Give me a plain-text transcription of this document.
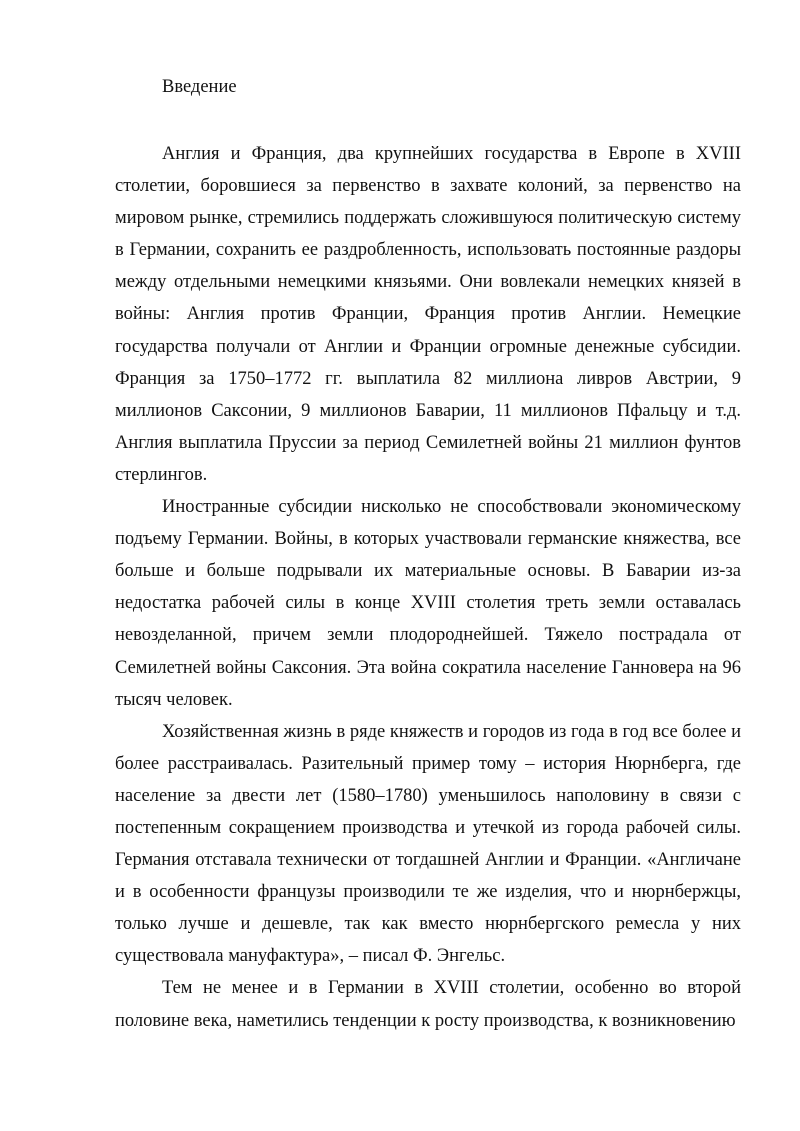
Введение

Англия и Франция, два крупнейших государства в Европе в XVIII столетии, боровшиеся за первенство в захвате колоний, за первенство на мировом рынке, стремились поддержать сложившуюся политическую систему в Германии, сохранить ее раздробленность, использовать постоянные раздоры между отдельными немецкими князьями. Они вовлекали немецких князей в войны: Англия против Франции, Франция против Англии. Немецкие государства получали от Англии и Франции огромные денежные субсидии. Франция за 1750–1772 гг. выплатила 82 миллиона ливров Австрии, 9 миллионов Саксонии, 9 миллионов Баварии, 11 миллионов Пфальцу и т.д. Англия выплатила Пруссии за период Семилетней войны 21 миллион фунтов стерлингов.

Иностранные субсидии нисколько не способствовали экономическому подъему Германии. Войны, в которых участвовали германские княжества, все больше и больше подрывали их материальные основы. В Баварии из-за недостатка рабочей силы в конце XVIII столетия треть земли оставалась невозделанной, причем земли плодороднейшей. Тяжело пострадала от Семилетней войны Саксония. Эта война сократила население Ганновера на 96 тысяч человек.

Хозяйственная жизнь в ряде княжеств и городов из года в год все более и более расстраивалась. Разительный пример тому – история Нюрнберга, где население за двести лет (1580–1780) уменьшилось наполовину в связи с постепенным сокращением производства и утечкой из города рабочей силы. Германия отставала технически от тогдашней Англии и Франции. «Англичане и в особенности французы производили те же изделия, что и нюрнбержцы, только лучше и дешевле, так как вместо нюрнбергского ремесла у них существовала мануфактура», – писал Ф. Энгельс.

Тем не менее и в Германии в XVIII столетии, особенно во второй половине века, наметились тенденции к росту производства, к возникновению
